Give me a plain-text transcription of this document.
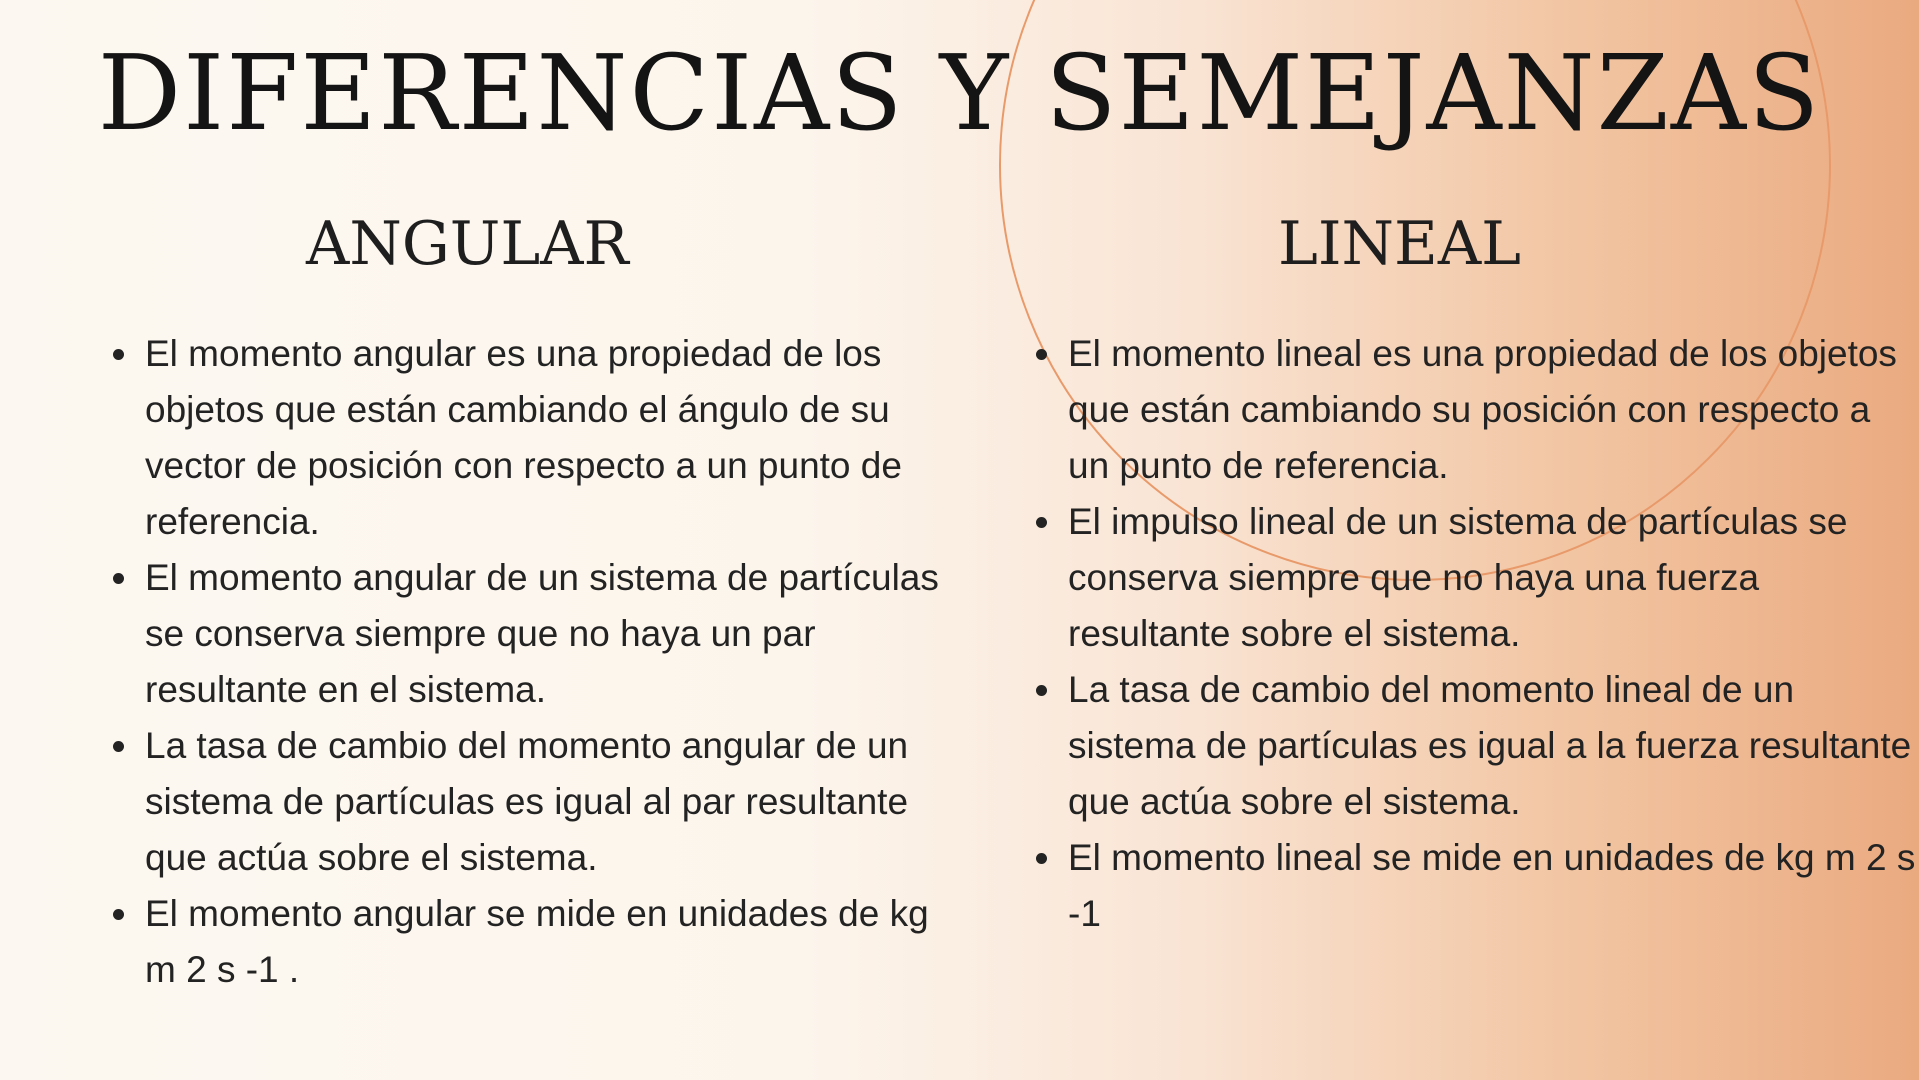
DIFERENCIAS Y SEMEJANZAS
ANGULAR	LINEAL
El momento angular es una propiedad de los objetos que están cambiando el ángulo de su vector de posición con respecto a un punto de referencia.
El momento angular de un sistema de partículas se conserva siempre que no haya un par resultante en el sistema.
La tasa de cambio del momento angular de un sistema de partículas es igual al par resultante que actúa sobre el sistema.
El momento angular se mide en unidades de kg m 2 s -1 .
El momento lineal es una propiedad de los objetos que están cambiando su posición con respecto a un punto de referencia.
El impulso lineal de un sistema de partículas se conserva siempre que no haya una fuerza resultante sobre el sistema.
La tasa de cambio del momento lineal de un sistema de partículas es igual a la fuerza resultante que actúa sobre el sistema.
El momento lineal se mide en unidades de kg m 2 s -1
